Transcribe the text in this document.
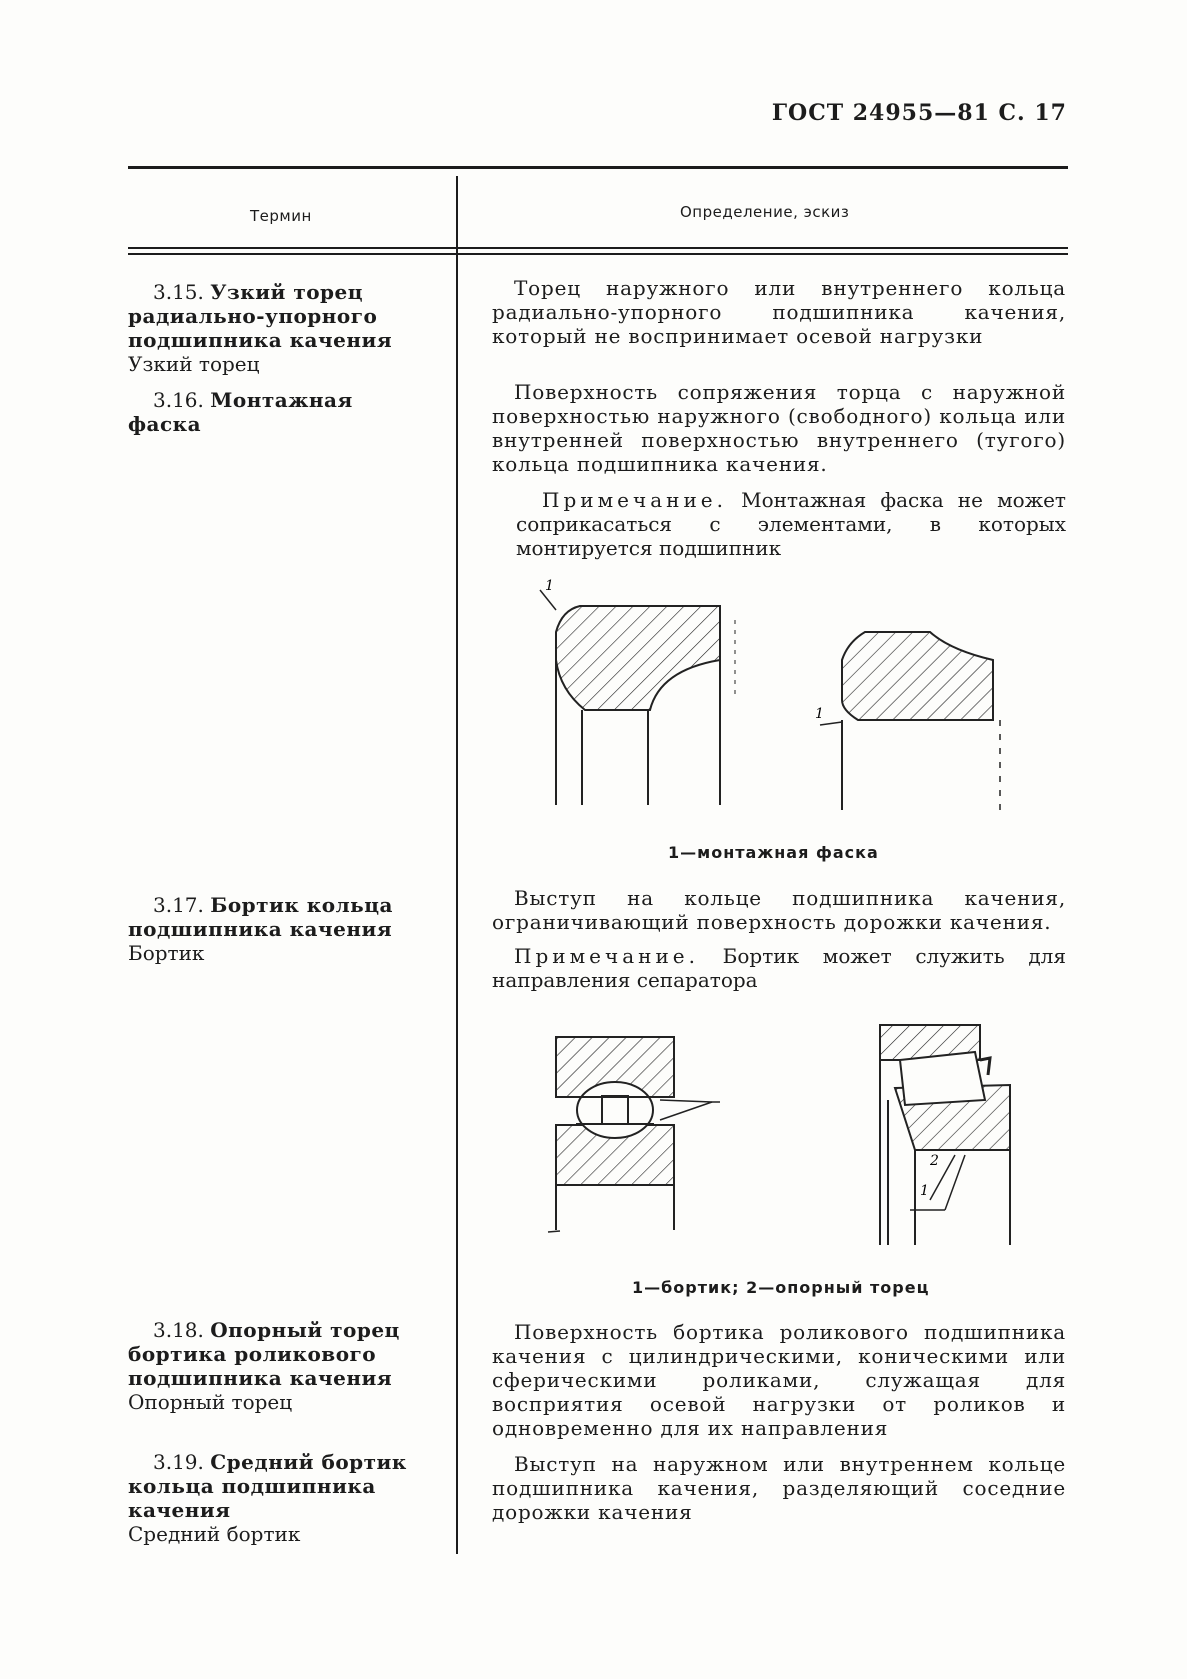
ГОСТ 24955—81 С. 17
Термин	Определение, эскиз
3.15. Узкий торец радиально-упорного подшипника качения
Узкий торец
Торец наружного или внутреннего кольца радиально-упорного подшипника качения, который не воспринимает осевой нагрузки
3.16. Монтажная фаска
Поверхность сопряжения торца с наружной поверхностью наружного (свободного) кольца или внутренней поверхностью внутреннего (тугого) кольца подшипника качения.
Примечание. Монтажная фаска не может соприкасаться с элементами, в которых монтируется подшипник
1
1
1—монтажная фаска
3.17. Бортик кольца подшипника качения
Бортик
Выступ на кольце подшипника качения, ограничивающий поверхность дорожки качения.
Примечание. Бортик может служить для направления сепаратора
2
1
1—бортик; 2—опорный торец
3.18. Опорный торец бортика роликового подшипника качения
Опорный торец
Поверхность бортика роликового подшипника качения с цилиндрическими, коническими или сферическими роликами, служащая для восприятия осевой нагрузки от роликов и одновременно для их направления
3.19. Средний бортик кольца подшипника качения
Средний бортик
Выступ на наружном или внутреннем кольце подшипника качения, разделяющий соседние дорожки качения
